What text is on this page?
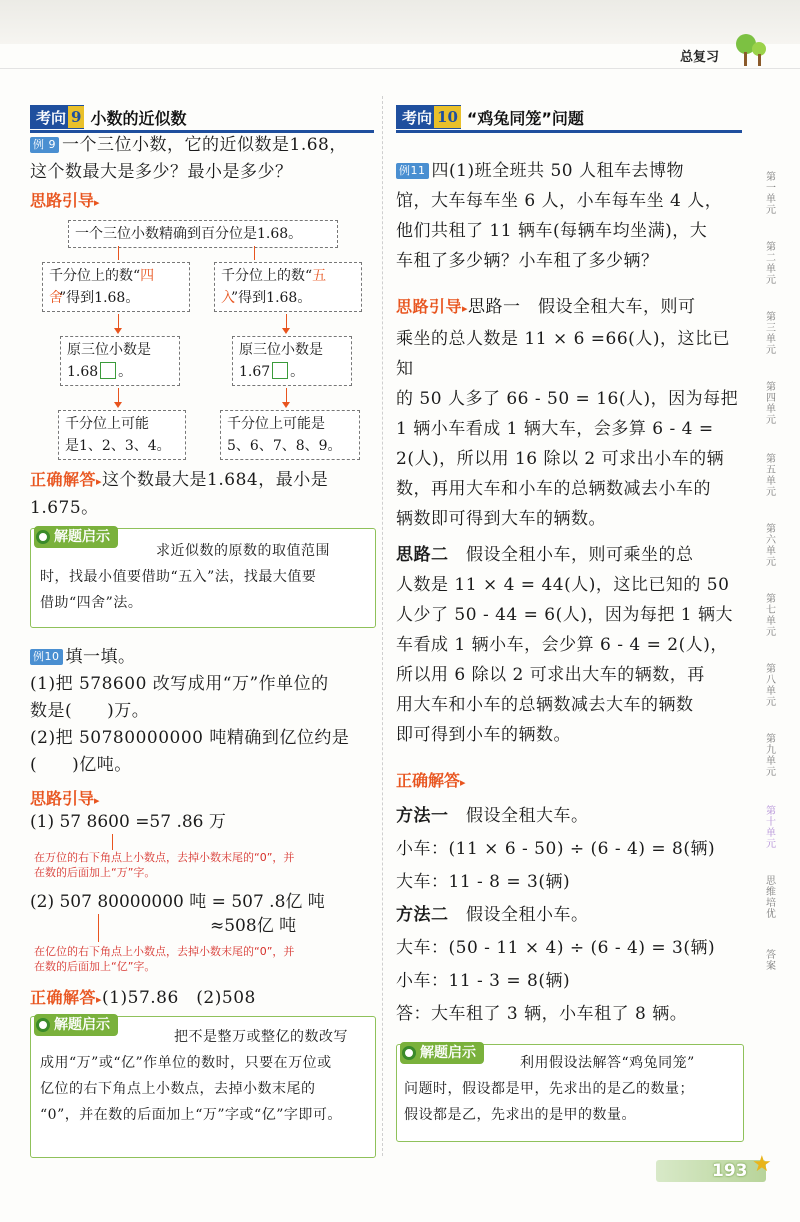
总复习
考向 9 小数的近似数
例 9 一个三位小数，它的近似数是1.68，
这个数最大是多少？最小是多少？
思路引导▸
一个三位小数精确到百分位是1.68。
千分位上的数“四
舍”得到1.68。
千分位上的数“五
入”得到1.68。
原三位小数是
1.68 。
原三位小数是
1.67 。
千分位上可能
是1、2、3、4。
千分位上可能是
5、6、7、8、9。
正确解答▸这个数最大是1.684，最小是
1.675。
解题启示
求近似数的原数的取值范围
时，找最小值要借助“五入”法，找最大值要
借助“四舍”法。
例10 填一填。
(1)把 578600 改写成用“万”作单位的
数是(　　)万。
(2)把 50780000000 吨精确到亿位约是
(　　)亿吨。
思路引导▸
(1) 57 8600 =57 .86 万
在万位的右下角点上小数点，去掉小数末尾的“0”，并
在数的后面加上“万”字。
(2) 507 80000000 吨 = 507 .8亿 吨
≈508亿 吨
在亿位的右下角点上小数点，去掉小数末尾的“0”，并
在数的后面加上“亿”字。
正确解答▸(1)57.86　(2)508
解题启示
把不是整万或整亿的数改写
成用“万”或“亿”作单位的数时，只要在万位或
亿位的右下角点上小数点，去掉小数末尾的
“0”，并在数的后面加上“万”字或“亿”字即可。
考向 10 “鸡兔同笼”问题
例11 四(1)班全班共 50 人租车去博物
馆，大车每车坐 6 人，小车每车坐 4 人，
他们共租了 11 辆车(每辆车均坐满)，大
车租了多少辆？小车租了多少辆？
思路引导▸思路一　假设全租大车，则可
乘坐的总人数是 11 × 6 =66(人)，这比已知
的 50 人多了 66 - 50 = 16(人)，因为每把
1 辆小车看成 1 辆大车，会多算 6 - 4 =
2(人)，所以用 16 除以 2 可求出小车的辆
数，再用大车和小车的总辆数减去小车的
辆数即可得到大车的辆数。
思路二　假设全租小车，则可乘坐的总
人数是 11 × 4 = 44(人)，这比已知的 50
人少了 50 - 44 = 6(人)，因为每把 1 辆大
车看成 1 辆小车，会少算 6 - 4 = 2(人)，
所以用 6 除以 2 可求出大车的辆数，再
用大车和小车的总辆数减去大车的辆数
即可得到小车的辆数。
正确解答▸
方法一　假设全租大车。
小车：(11 × 6 - 50) ÷ (6 - 4) = 8(辆)
大车：11 - 8 = 3(辆)
方法二　假设全租小车。
大车：(50 - 11 × 4) ÷ (6 - 4) = 3(辆)
小车：11 - 3 = 8(辆)
答：大车租了 3 辆，小车租了 8 辆。
解题启示
利用假设法解答“鸡兔同笼”
问题时，假设都是甲，先求出的是乙的数量；
假设都是乙，先求出的是甲的数量。
第
一
单
元
第
二
单
元
第
三
单
元
第
四
单
元
第
五
单
元
第
六
单
元
第
七
单
元
第
八
单
元
第
九
单
元
第
十
单
元
思
维
培
优
答
案
193 ★
